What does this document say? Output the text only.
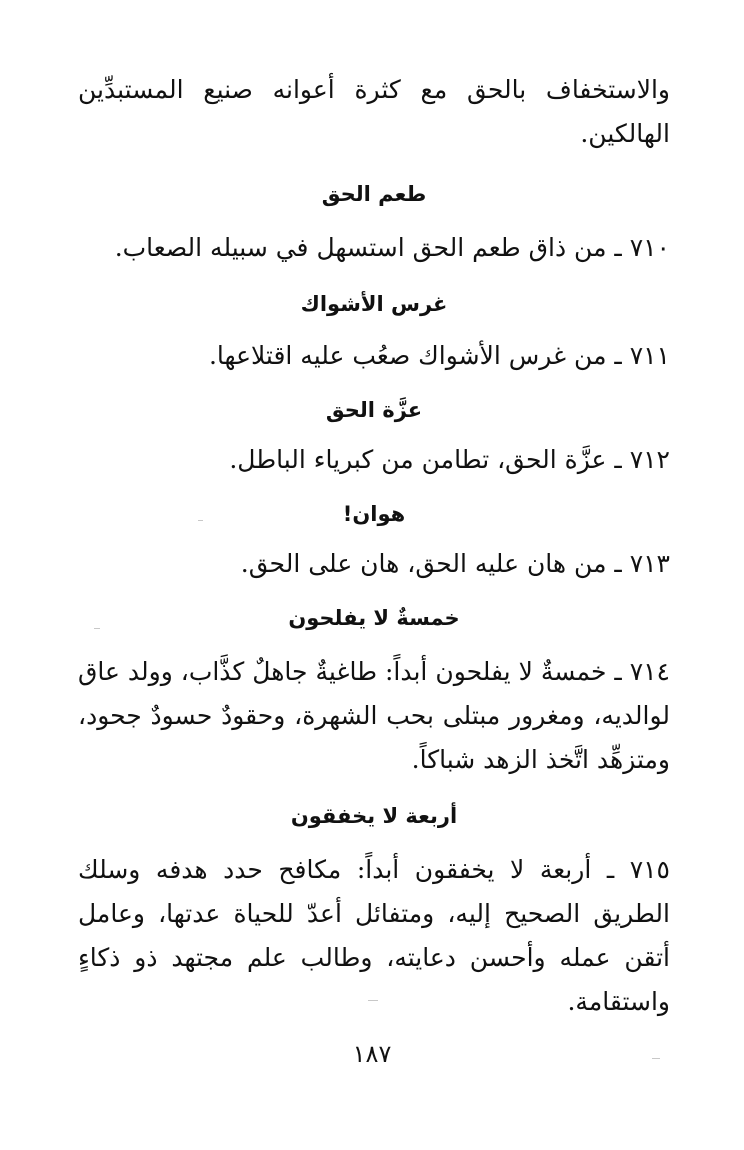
والاستخفاف بالحق مع كثرة أعوانه صنيع المستبدِّين الهالكين.

طعم الحق

٧١٠ ـ من ذاق طعم الحق استسهل في سبيله الصعاب.

غرس الأشواك

٧١١ ـ من غرس الأشواك صعُب عليه اقتلاعها.

عزَّة الحق

٧١٢ ـ عزَّة الحق، تطامن من كبرياء الباطل.

هوان!

٧١٣ ـ من هان عليه الحق، هان على الحق.

خمسةٌ لا يفلحون

٧١٤ ـ خمسةٌ لا يفلحون أبداً: طاغيةٌ جاهلٌ كذَّاب، وولد عاق لوالديه، ومغرور مبتلى بحب الشهرة، وحقودٌ حسودٌ جحود، ومتزهِّد اتَّخذ الزهد شباكاً.

أربعة لا يخفقون

٧١٥ ـ أربعة لا يخفقون أبداً: مكافح حدد هدفه وسلك الطريق الصحيح إليه، ومتفائل أعدّ للحياة عدتها، وعامل أتقن عمله وأحسن دعايته، وطالب علم مجتهد ذو ذكاءٍ واستقامة.

١٨٧
